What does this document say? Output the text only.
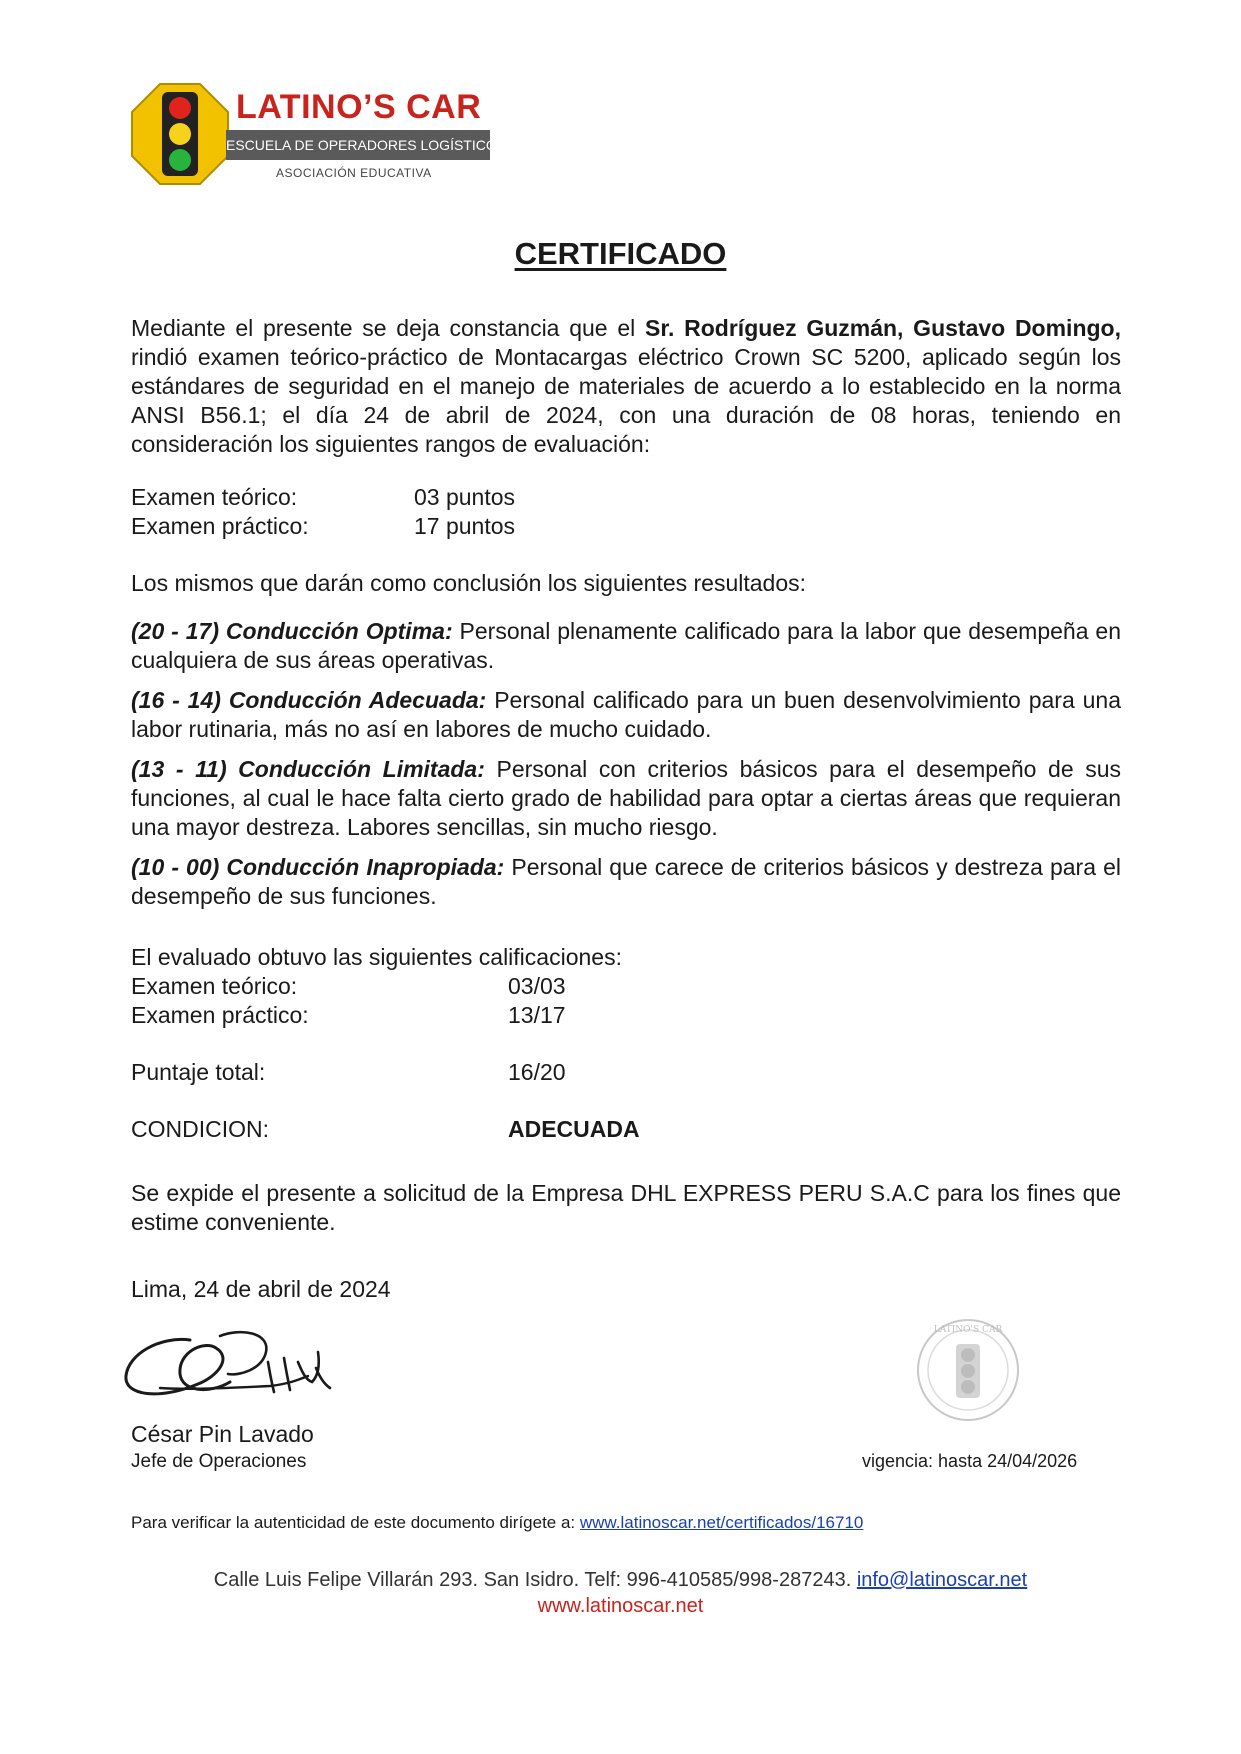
LATINO’S CAR
ESCUELA DE OPERADORES LOGÍSTICOS
ASOCIACIÓN EDUCATIVA
CERTIFICADO
Mediante el presente se deja constancia que el Sr. Rodríguez Guzmán, Gustavo Domingo, rindió examen teórico-práctico de Montacargas eléctrico Crown SC 5200, aplicado según los estándares de seguridad en el manejo de materiales de acuerdo a lo establecido en la norma ANSI B56.1; el día 24 de abril de 2024, con una duración de 08 horas, teniendo en consideración los siguientes rangos de evaluación:
Examen teórico:	03 puntos
Examen práctico:	17 puntos
Los mismos que darán como conclusión los siguientes resultados:
(20 - 17) Conducción Optima: Personal plenamente calificado para la labor que desempeña en cualquiera de sus áreas operativas.
(16 - 14) Conducción Adecuada: Personal calificado para un buen desenvolvimiento para una labor rutinaria, más no así en labores de mucho cuidado.
(13 - 11) Conducción Limitada: Personal con criterios básicos para el desempeño de sus funciones, al cual le hace falta cierto grado de habilidad para optar a ciertas áreas que requieran una mayor destreza. Labores sencillas, sin mucho riesgo.
(10 - 00) Conducción Inapropiada: Personal que carece de criterios básicos y destreza para el desempeño de sus funciones.
El evaluado obtuvo las siguientes calificaciones:
Examen teórico:	03/03
Examen práctico:	13/17
Puntaje total:	16/20
CONDICION:	ADECUADA
Se expide el presente a solicitud de la Empresa DHL EXPRESS PERU S.A.C para los fines que estime conveniente.
Lima, 24 de abril de 2024
LATINO'S CAR
César Pin Lavado
Jefe de Operaciones	vigencia: hasta 24/04/2026
Para verificar la autenticidad de este documento dirígete a: www.latinoscar.net/certificados/16710
Calle Luis Felipe Villarán 293. San Isidro. Telf: 996-410585/998-287243. info@latinoscar.net
www.latinoscar.net
